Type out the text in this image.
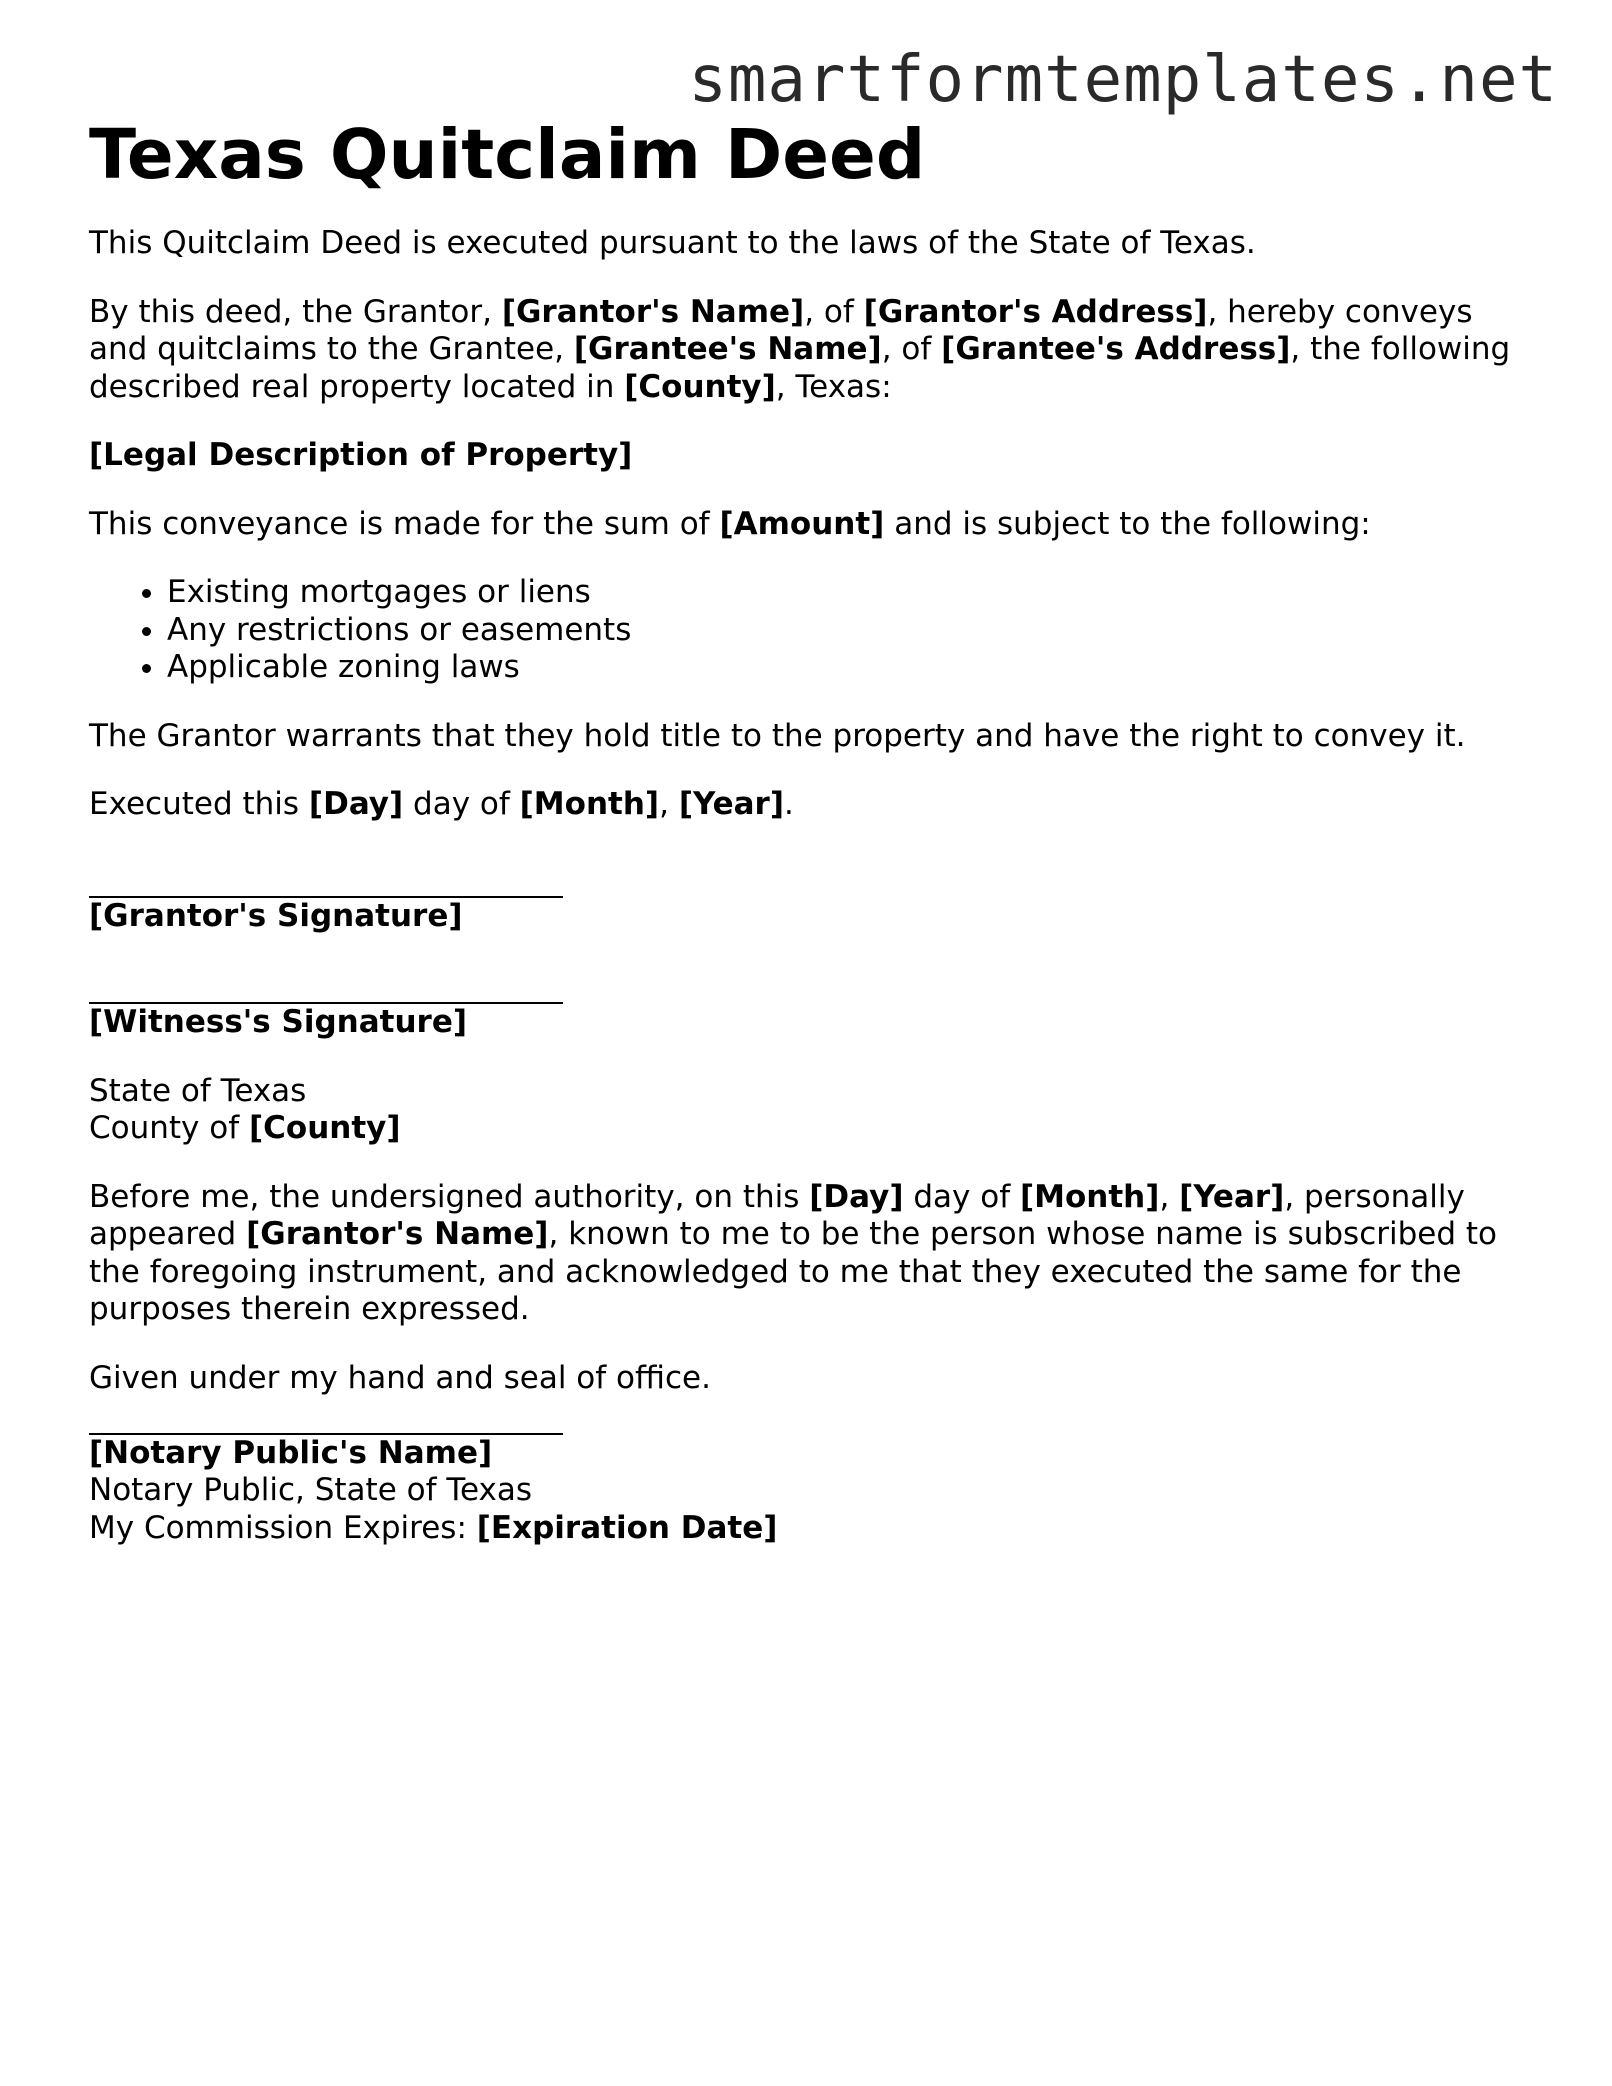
smartformtemplates.net
Texas Quitclaim Deed

This Quitclaim Deed is executed pursuant to the laws of the State of Texas.

By this deed, the Grantor, [Grantor's Name], of [Grantor's Address], hereby conveys and quitclaims to the Grantee, [Grantee's Name], of [Grantee's Address], the following described real property located in [County], Texas:

[Legal Description of Property]

This conveyance is made for the sum of [Amount] and is subject to the following:

• Existing mortgages or liens
• Any restrictions or easements
• Applicable zoning laws

The Grantor warrants that they hold title to the property and have the right to convey it.

Executed this [Day] day of [Month], [Year].

[Grantor's Signature]
[Witness's Signature]

State of Texas
County of [County]

Before me, the undersigned authority, on this [Day] day of [Month], [Year], personally appeared [Grantor's Name], known to me to be the person whose name is subscribed to the foregoing instrument, and acknowledged to me that they executed the same for the purposes therein expressed.

Given under my hand and seal of office.

[Notary Public's Name]
Notary Public, State of Texas
My Commission Expires: [Expiration Date]
